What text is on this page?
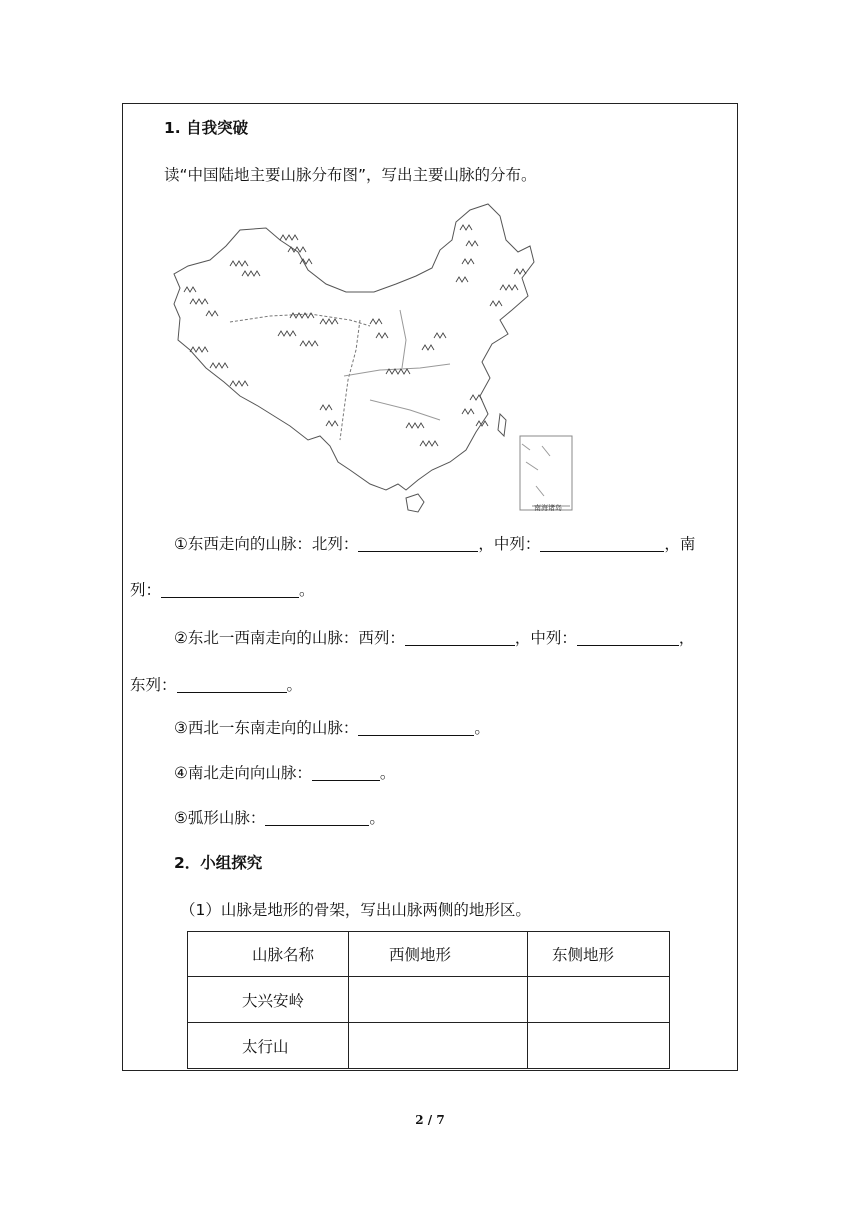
1. 自我突破
读“中国陆地主要山脉分布图”，写出主要山脉的分布。
南海诸岛
①东西走向的山脉：北列：	，中列：	，南
列：	。
②东北一西南走向的山脉：西列：	，中列：	，
东列：	。
③西北一东南走向的山脉：	。
④南北走向向山脉：	。
⑤弧形山脉：	。
2．小组探究
（1）山脉是地形的骨架，写出山脉两侧的地形区。
山脉名称	西侧地形	东侧地形
大兴安岭		
太行山		
2 / 7
